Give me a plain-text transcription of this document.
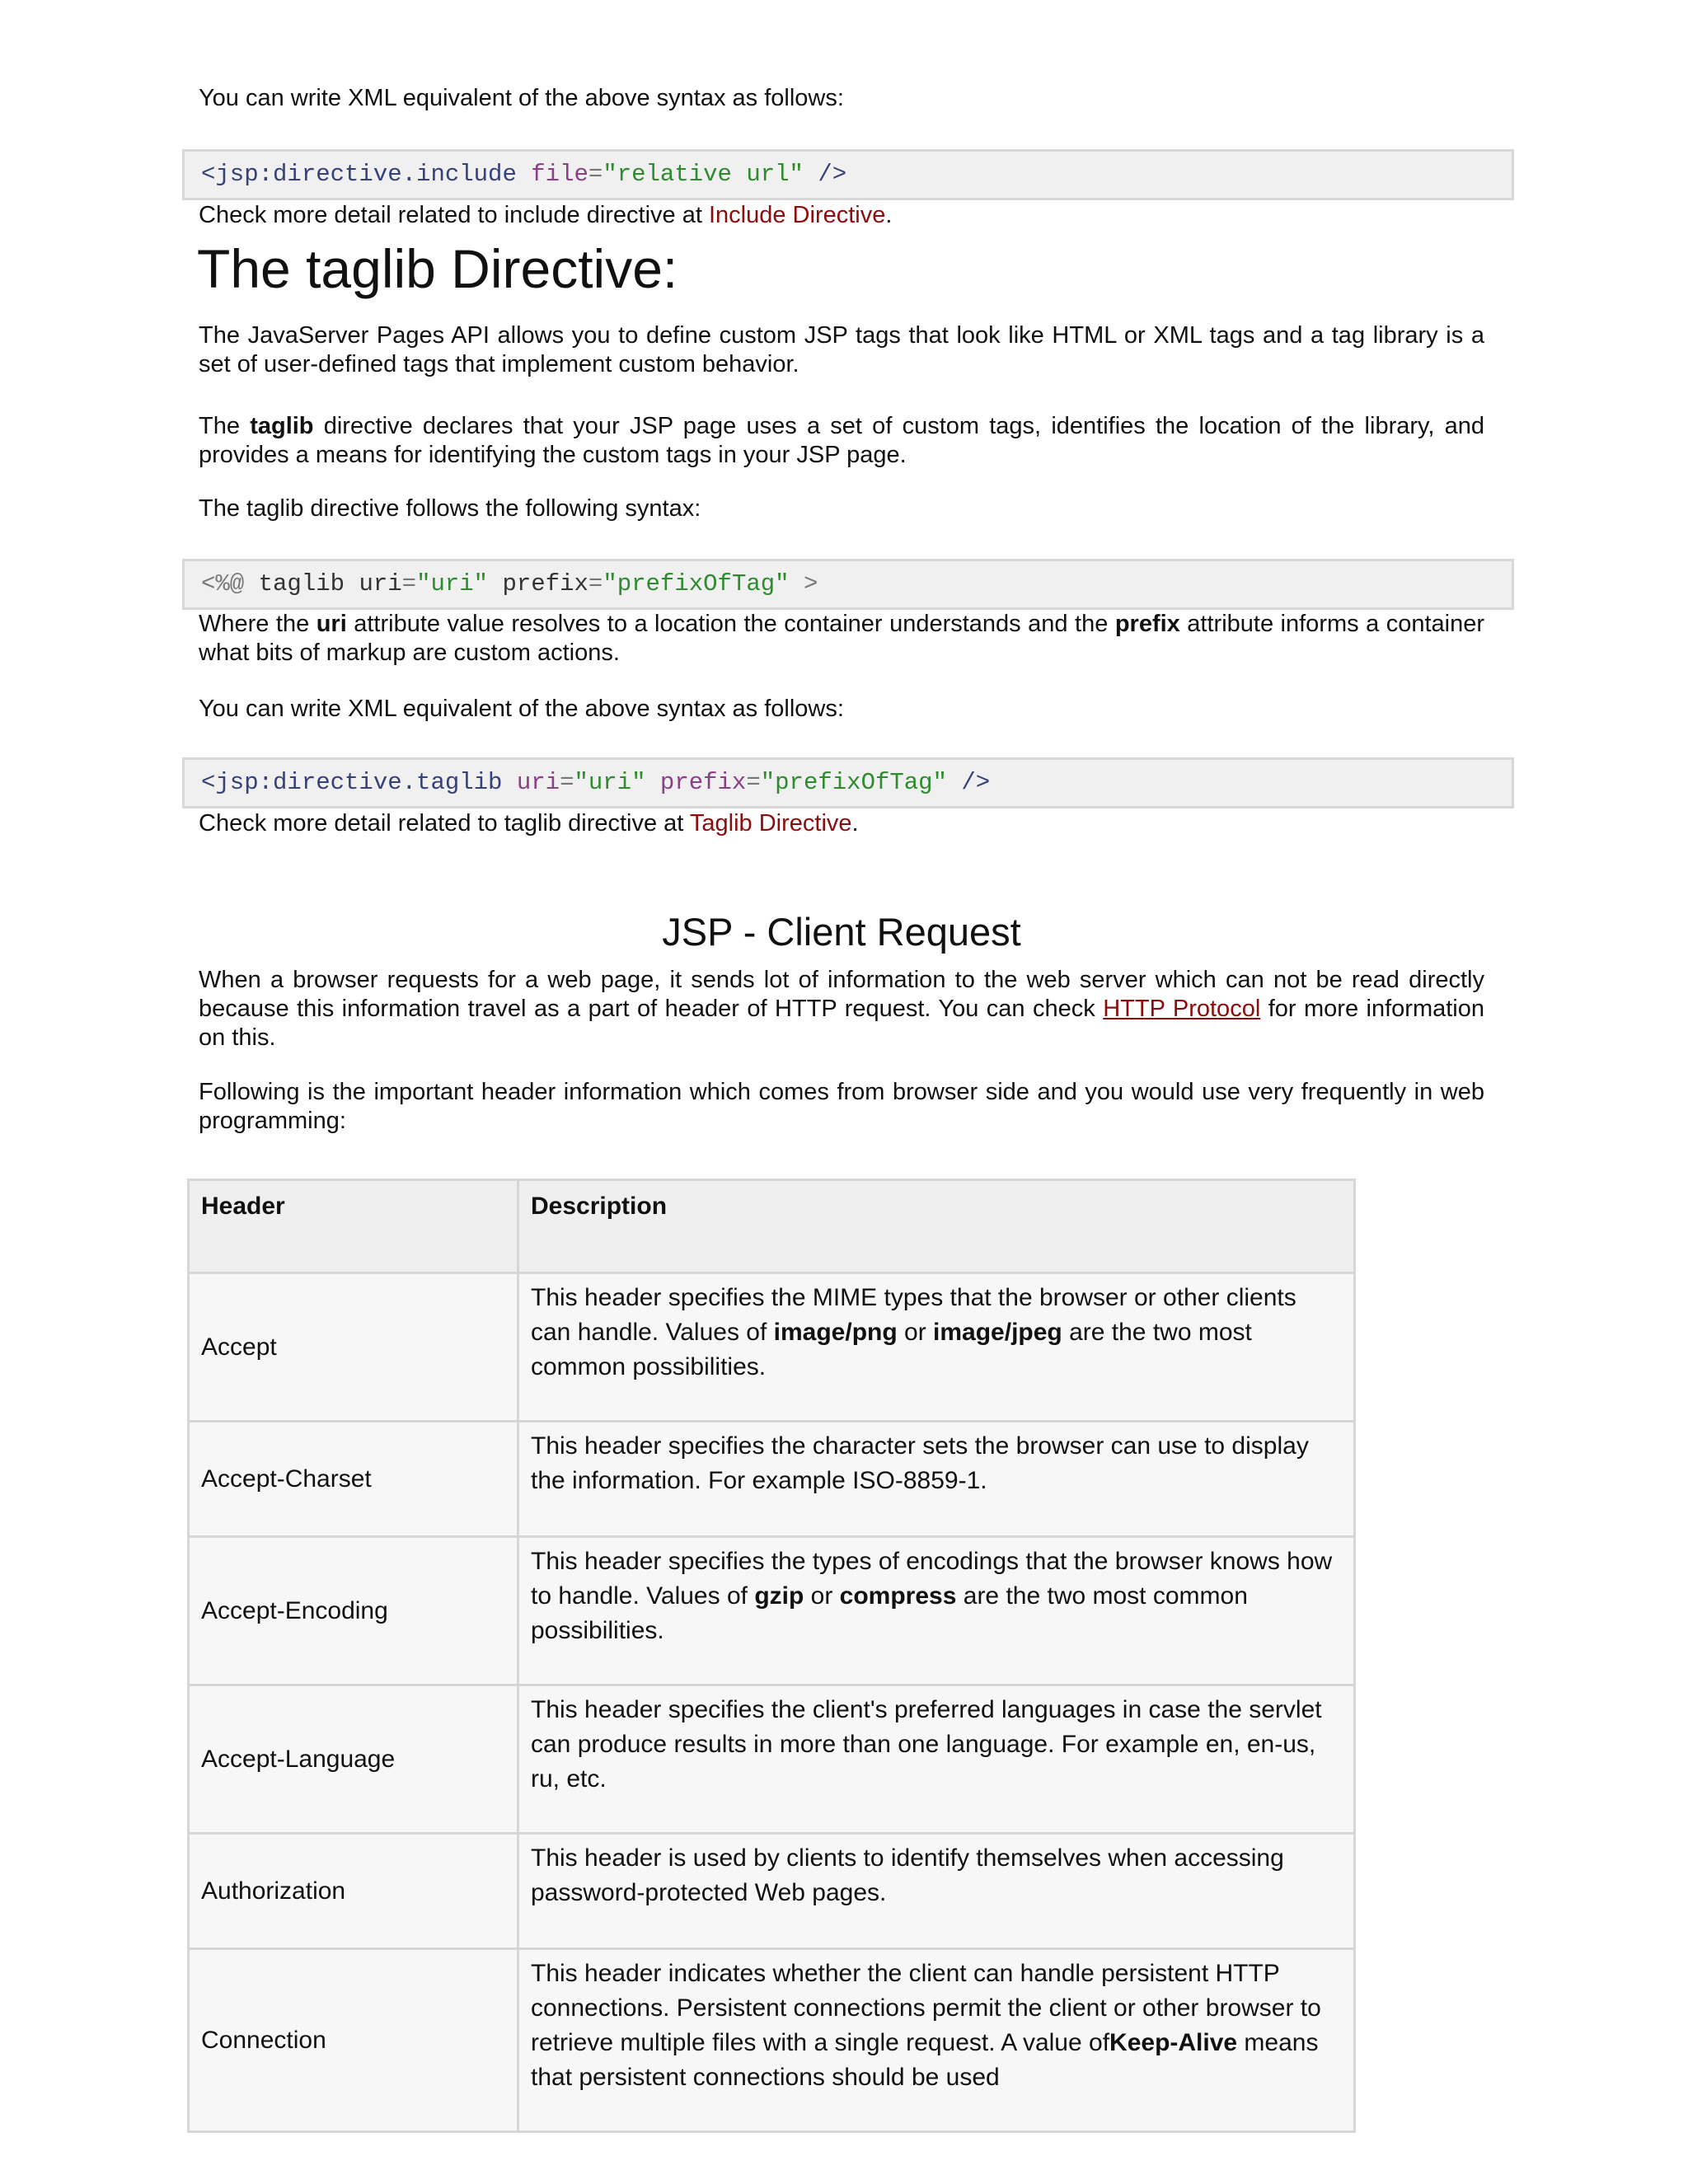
You can write XML equivalent of the above syntax as follows:

<jsp:directive.include file="relative url" />

Check more detail related to include directive at Include Directive.

The taglib Directive:

The JavaServer Pages API allows you to define custom JSP tags that look like HTML or XML tags and a tag library is a set of user-defined tags that implement custom behavior.

The taglib directive declares that your JSP page uses a set of custom tags, identifies the location of the library, and provides a means for identifying the custom tags in your JSP page.

The taglib directive follows the following syntax:

<%@ taglib uri="uri" prefix="prefixOfTag" >

Where the uri attribute value resolves to a location the container understands and the prefix attribute informs a container what bits of markup are custom actions.

You can write XML equivalent of the above syntax as follows:

<jsp:directive.taglib uri="uri" prefix="prefixOfTag" />

Check more detail related to taglib directive at Taglib Directive.

JSP - Client Request

When a browser requests for a web page, it sends lot of information to the web server which can not be read directly because this information travel as a part of header of HTTP request. You can check HTTP Protocol for more information on this.

Following is the important header information which comes from browser side and you would use very frequently in web programming:

Header	Description
Accept	This header specifies the MIME types that the browser or other clients can handle. Values of image/png or image/jpeg are the two most common possibilities.
Accept-Charset	This header specifies the character sets the browser can use to display the information. For example ISO-8859-1.
Accept-Encoding	This header specifies the types of encodings that the browser knows how to handle. Values of gzip or compress are the two most common possibilities.
Accept-Language	This header specifies the client's preferred languages in case the servlet can produce results in more than one language. For example en, en-us, ru, etc.
Authorization	This header is used by clients to identify themselves when accessing password-protected Web pages.
Connection	This header indicates whether the client can handle persistent HTTP connections. Persistent connections permit the client or other browser to retrieve multiple files with a single request. A value ofKeep-Alive means that persistent connections should be used
